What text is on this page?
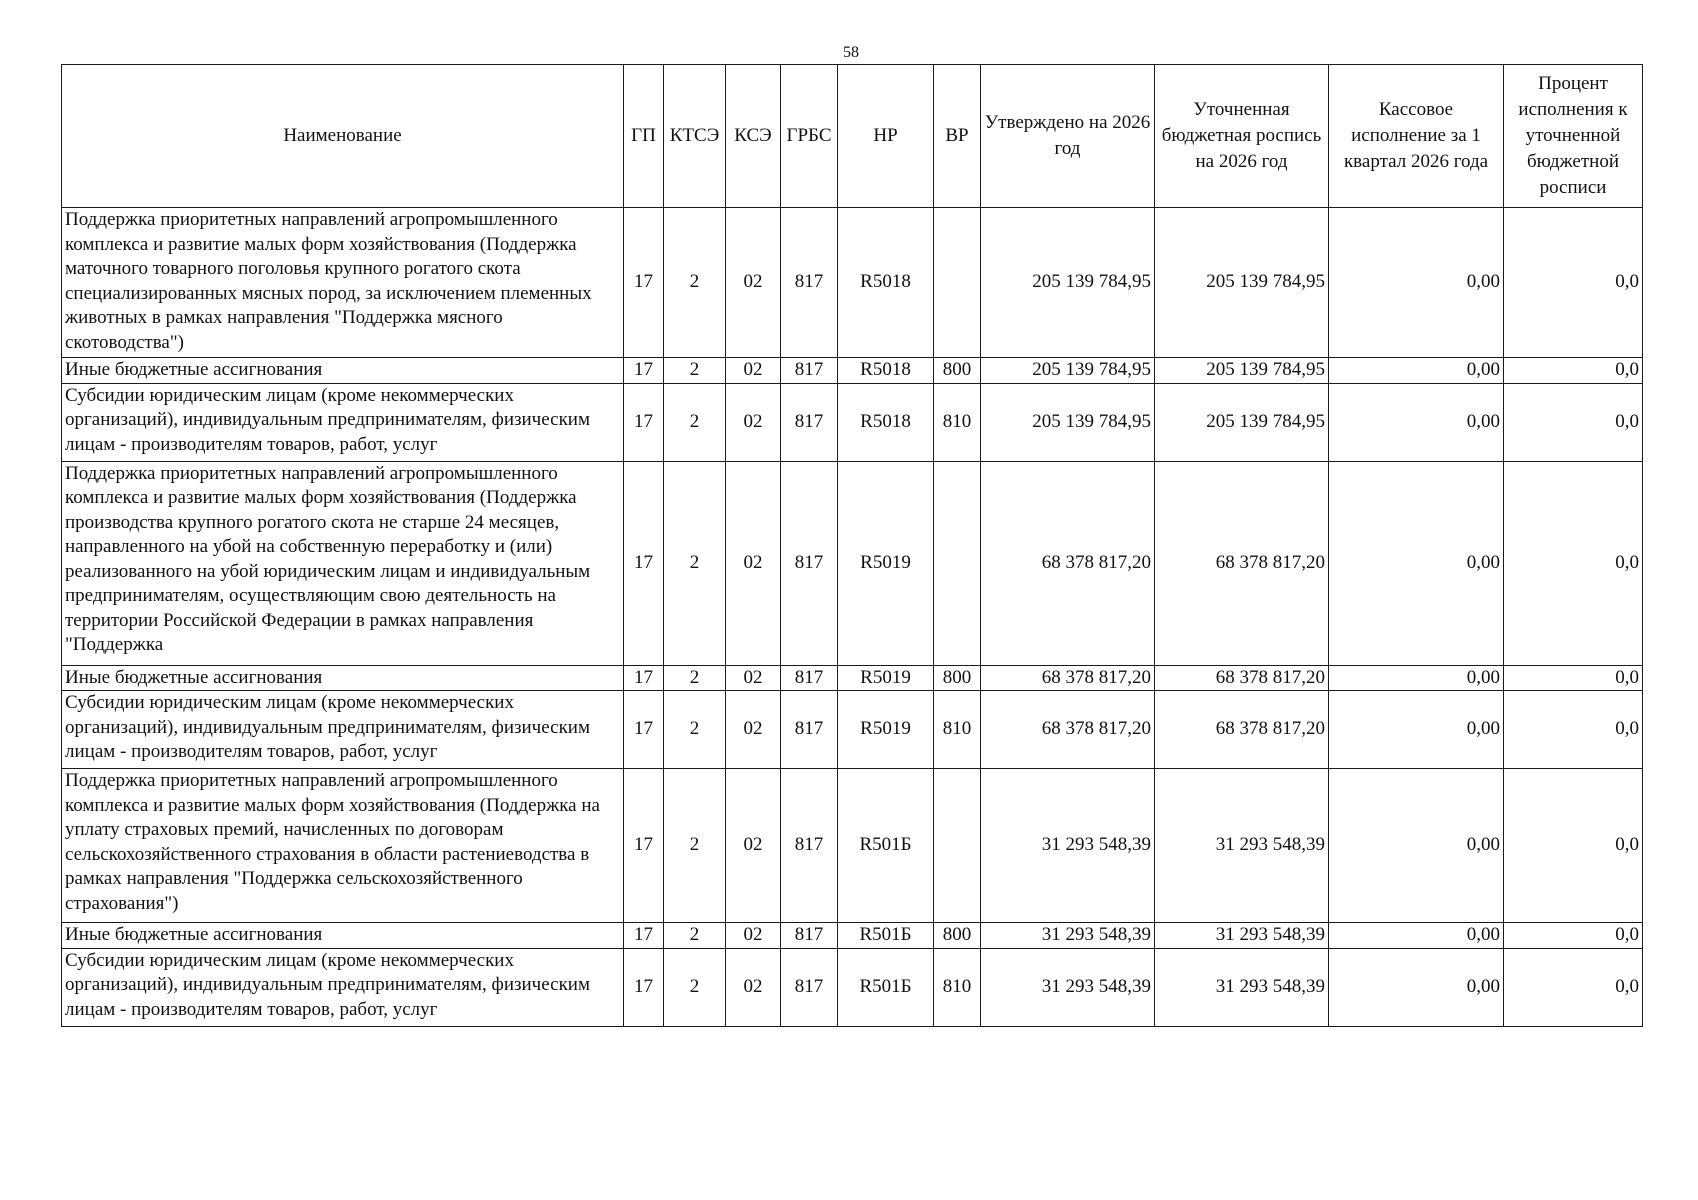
58
Наименование	ГП	КТСЭ	КСЭ	ГРБС	НР	ВР	Утверждено на 2026 год	Уточненная бюджетная роспись на 2026 год	Кассовое исполнение за 1 квартал 2026 года	Процент исполнения к уточненной бюджетной росписи
Поддержка приоритетных направлений агропромышленного комплекса и развитие малых форм хозяйствования (Поддержка маточного товарного поголовья крупного рогатого скота специализированных мясных пород, за исключением племенных животных в рамках направления "Поддержка мясного скотоводства")	17	2	02	817	R5018		205 139 784,95	205 139 784,95	0,00	0,0
Иные бюджетные ассигнования	17	2	02	817	R5018	800	205 139 784,95	205 139 784,95	0,00	0,0
Субсидии юридическим лицам (кроме некоммерческих организаций), индивидуальным предпринимателям, физическим лицам - производителям товаров, работ, услуг	17	2	02	817	R5018	810	205 139 784,95	205 139 784,95	0,00	0,0

Поддержка приоритетных направлений агропромышленного комплекса и развитие малых форм хозяйствования (Поддержка производства крупного рогатого скота не старше 24 месяцев, направленного на убой на собственную переработку и (или) реализованного на убой юридическим лицам и индивидуальным предпринимателям, осуществляющим свою деятельность на территории Российской Федерации в рамках направления "Поддержка	17	2	02	817	R5019		68 378 817,20	68 378 817,20	0,00	0,0
Иные бюджетные ассигнования	17	2	02	817	R5019	800	68 378 817,20	68 378 817,20	0,00	0,0
Субсидии юридическим лицам (кроме некоммерческих организаций), индивидуальным предпринимателям, физическим лицам - производителям товаров, работ, услуг	17	2	02	817	R5019	810	68 378 817,20	68 378 817,20	0,00	0,0
Поддержка приоритетных направлений агропромышленного комплекса и развитие малых форм хозяйствования (Поддержка на уплату страховых премий, начисленных по договорам сельскохозяйственного страхования в области растениеводства в рамках направления "Поддержка сельскохозяйственного страхования")	17	2	02	817	R501Б		31 293 548,39	31 293 548,39	0,00	0,0
Иные бюджетные ассигнования	17	2	02	817	R501Б	800	31 293 548,39	31 293 548,39	0,00	0,0
Субсидии юридическим лицам (кроме некоммерческих организаций), индивидуальным предпринимателям, физическим лицам - производителям товаров, работ, услуг	17	2	02	817	R501Б	810	31 293 548,39	31 293 548,39	0,00	0,0
